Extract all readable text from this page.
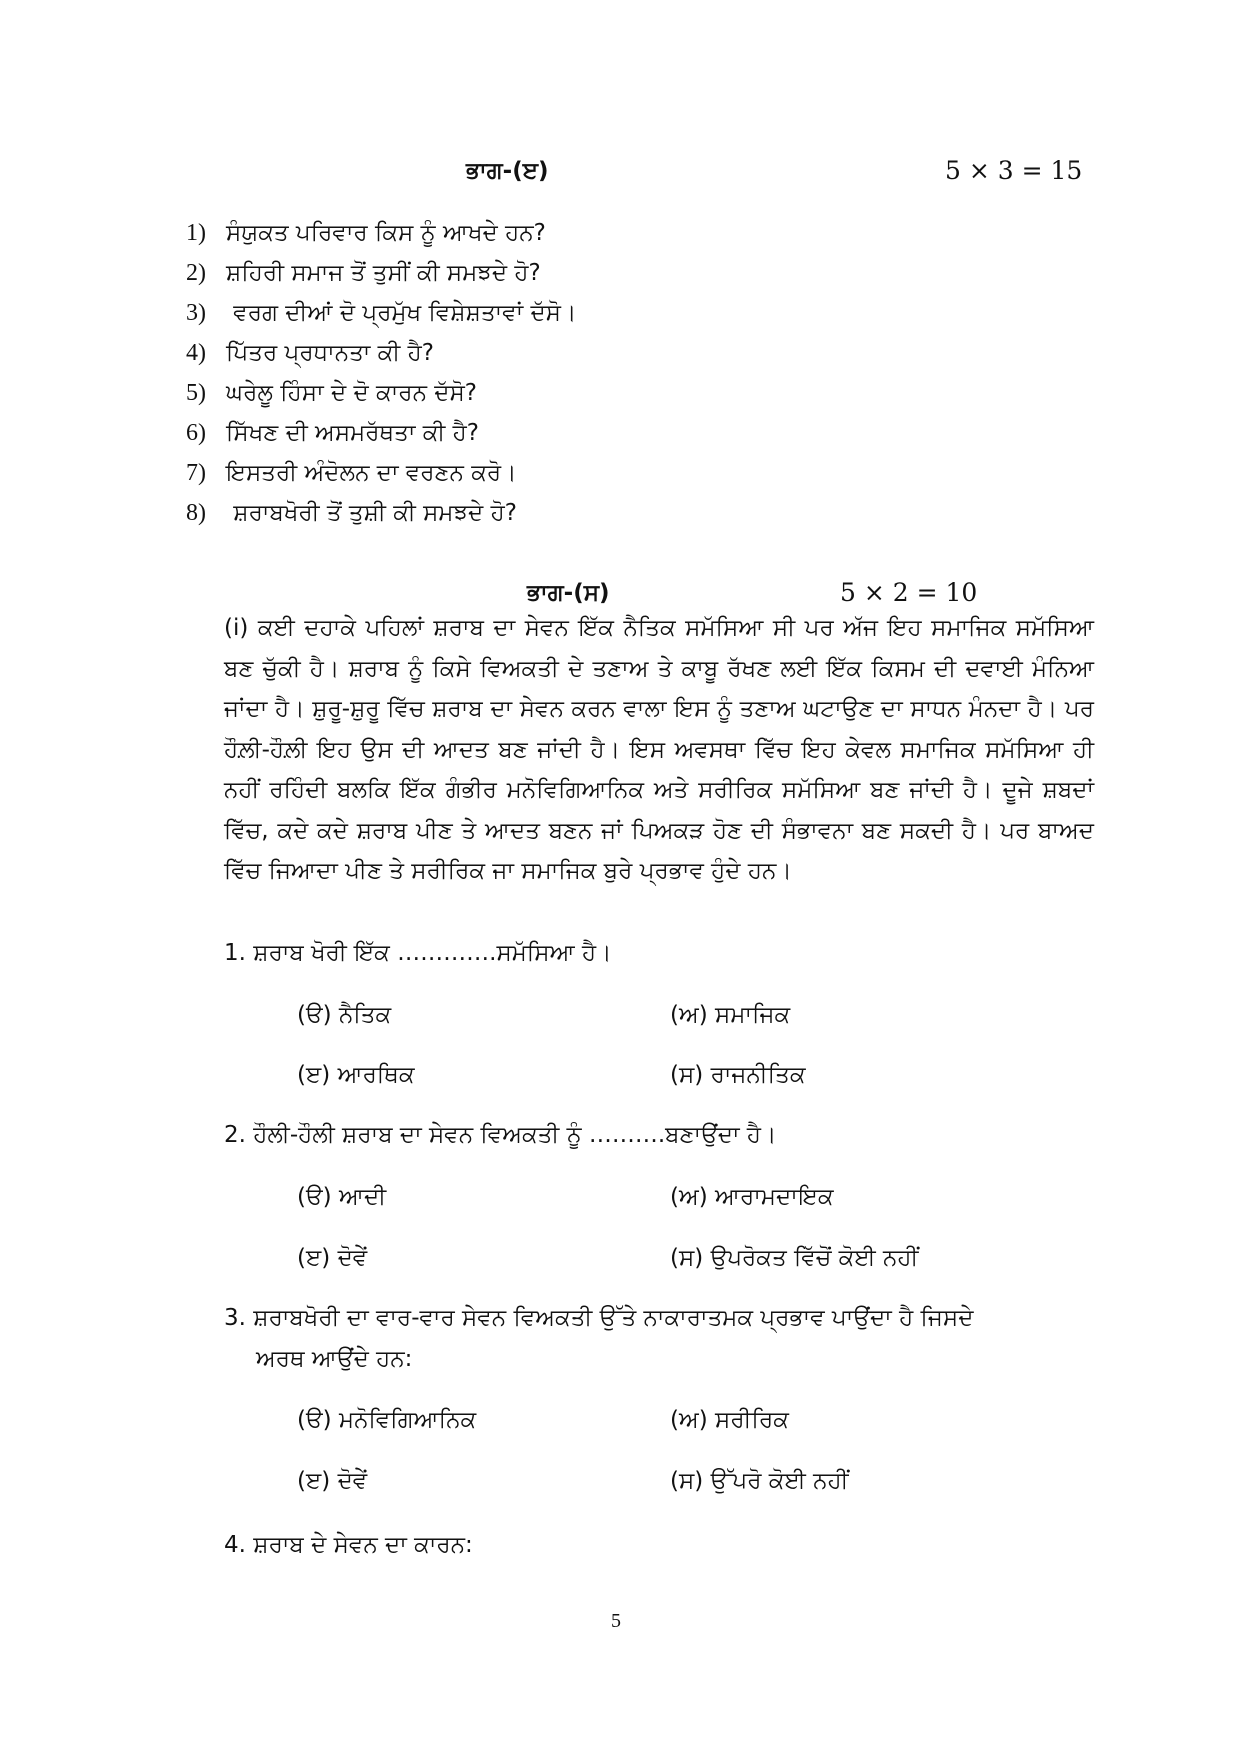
ਭਾਗ-(ੲ)	5 × 3 = 15
1) ਸੰਯੁਕਤ ਪਰਿਵਾਰ ਕਿਸ ਨੂੰ ਆਖਦੇ ਹਨ?
2) ਸ਼ਹਿਰੀ ਸਮਾਜ ਤੋਂ ਤੁਸੀਂ ਕੀ ਸਮਝਦੇ ਹੋ?
3) ਵਰਗ ਦੀਆਂ ਦੋ ਪ੍ਰਮੁੱਖ ਵਿਸ਼ੇਸ਼ਤਾਵਾਂ ਦੱਸੋ।
4) ਪਿੱਤਰ ਪ੍ਰਧਾਨਤਾ ਕੀ ਹੈ?
5) ਘਰੇਲੂ ਹਿੰਸਾ ਦੇ ਦੋ ਕਾਰਨ ਦੱਸੋ?
6) ਸਿੱਖਣ ਦੀ ਅਸਮਰੱਥਤਾ ਕੀ ਹੈ?
7) ਇਸਤਰੀ ਅੰਦੋਲਨ ਦਾ ਵਰਣਨ ਕਰੋ।
8) ਸ਼ਰਾਬਖੋਰੀ ਤੋਂ ਤੁਸ਼ੀ ਕੀ ਸਮਝਦੇ ਹੋ?
ਭਾਗ-(ਸ)	5 × 2 = 10
(i) ਕਈ ਦਹਾਕੇ ਪਹਿਲਾਂ ਸ਼ਰਾਬ ਦਾ ਸੇਵਨ ਇੱਕ ਨੈਤਿਕ ਸਮੱਸਿਆ ਸੀ ਪਰ ਅੱਜ ਇਹ ਸਮਾਜਿਕ ਸਮੱਸਿਆ ਬਣ ਚੁੱਕੀ ਹੈ। ਸ਼ਰਾਬ ਨੂੰ ਕਿਸੇ ਵਿਅਕਤੀ ਦੇ ਤਣਾਅ ਤੇ ਕਾਬੂ ਰੱਖਣ ਲਈ ਇੱਕ ਕਿਸਮ ਦੀ ਦਵਾਈ ਮੰਨਿਆ ਜਾਂਦਾ ਹੈ। ਸ਼ੁਰੂ-ਸ਼ੁਰੂ ਵਿੱਚ ਸ਼ਰਾਬ ਦਾ ਸੇਵਨ ਕਰਨ ਵਾਲਾ ਇਸ ਨੂੰ ਤਣਾਅ ਘਟਾਉਣ ਦਾ ਸਾਧਨ ਮੰਨਦਾ ਹੈ। ਪਰ ਹੌਲ਼ੀ-ਹੌਲ਼ੀ ਇਹ ਉਸ ਦੀ ਆਦਤ ਬਣ ਜਾਂਦੀ ਹੈ। ਇਸ ਅਵਸਥਾ ਵਿੱਚ ਇਹ ਕੇਵਲ ਸਮਾਜਿਕ ਸਮੱਸਿਆ ਹੀ ਨਹੀਂ ਰਹਿੰਦੀ ਬਲਕਿ ਇੱਕ ਗੰਭੀਰ ਮਨੋਵਿਗਿਆਨਿਕ ਅਤੇ ਸਰੀਰਿਕ ਸਮੱਸਿਆ ਬਣ ਜਾਂਦੀ ਹੈ। ਦੂਜੇ ਸ਼ਬਦਾਂ ਵਿੱਚ, ਕਦੇ ਕਦੇ ਸ਼ਰਾਬ ਪੀਣ ਤੇ ਆਦਤ ਬਣਨ ਜਾਂ ਪਿਅਕੜ ਹੋਣ ਦੀ ਸੰਭਾਵਨਾ ਬਣ ਸਕਦੀ ਹੈ। ਪਰ ਬਾਅਦ ਵਿੱਚ ਜਿਆਦਾ ਪੀਣ ਤੇ ਸਰੀਰਿਕ ਜਾ ਸਮਾਜਿਕ ਬੁਰੇ ਪ੍ਰਭਾਵ ਹੁੰਦੇ ਹਨ।
1. ਸ਼ਰਾਬ ਖੋਰੀ ਇੱਕ ………….ਸਮੱਸਿਆ ਹੈ।
(ੳ) ਨੈਤਿਕ	(ਅ) ਸਮਾਜਿਕ
(ੲ) ਆਰਥਿਕ	(ਸ) ਰਾਜਨੀਤਿਕ
2. ਹੌਲੀ-ਹੌਲੀ ਸ਼ਰਾਬ ਦਾ ਸੇਵਨ ਵਿਅਕਤੀ ਨੂੰ ……….ਬਣਾਉਂਦਾ ਹੈ।
(ੳ) ਆਦੀ	(ਅ) ਆਰਾਮਦਾਇਕ
(ੲ) ਦੋਵੇਂ	(ਸ) ਉਪਰੋਕਤ ਵਿੱਚੋਂ ਕੋਈ ਨਹੀਂ
3. ਸ਼ਰਾਬਖੋਰੀ ਦਾ ਵਾਰ-ਵਾਰ ਸੇਵਨ ਵਿਅਕਤੀ ਉੱਤੇ ਨਾਕਾਰਾਤਮਕ ਪ੍ਰਭਾਵ ਪਾਉਂਦਾ ਹੈ ਜਿਸਦੇ
ਅਰਥ ਆਉਂਦੇ ਹਨ:
(ੳ) ਮਨੋਵਿਗਿਆਨਿਕ	(ਅ) ਸਰੀਰਿਕ
(ੲ) ਦੋਵੇਂ	(ਸ) ਉੱਪਰੋ ਕੋਈ ਨਹੀਂ
4. ਸ਼ਰਾਬ ਦੇ ਸੇਵਨ ਦਾ ਕਾਰਨ:
5
